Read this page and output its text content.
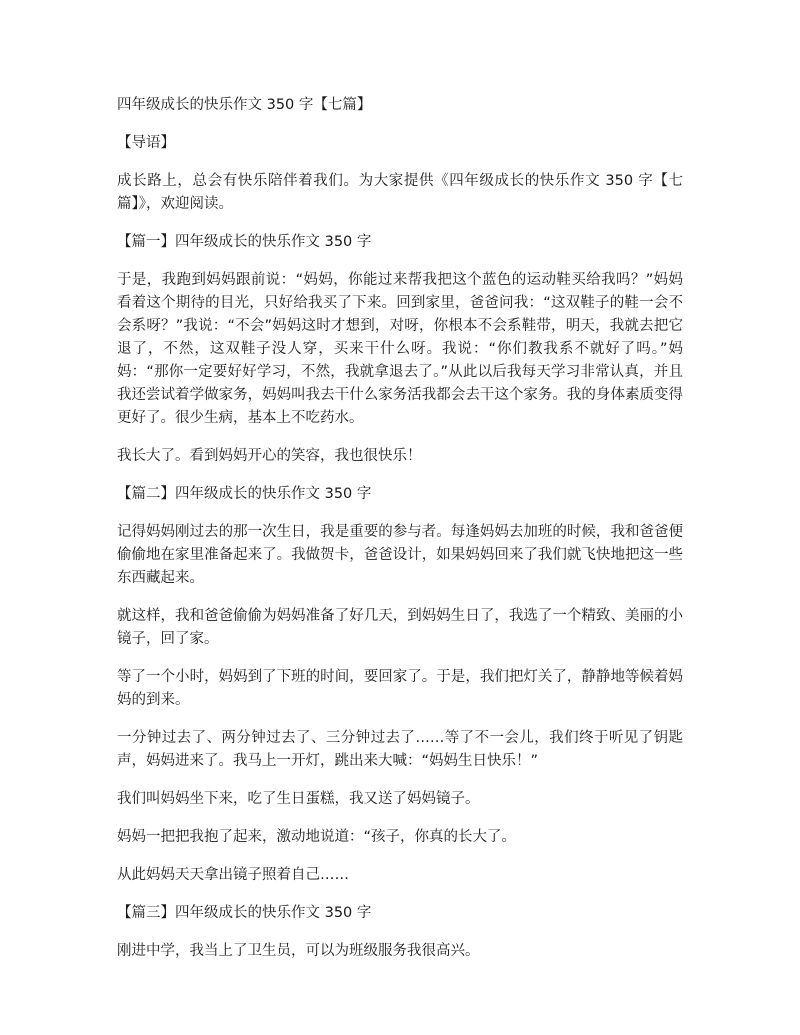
四年级成长的快乐作文 350 字【七篇】

【导语】

成长路上，总会有快乐陪伴着我们。为大家提供《四年级成长的快乐作文 350 字【七篇】》，欢迎阅读。

【篇一】四年级成长的快乐作文 350 字

于是，我跑到妈妈跟前说：“妈妈，你能过来帮我把这个蓝色的运动鞋买给我吗？”妈妈看着这个期待的目光，只好给我买了下来。回到家里，爸爸问我：“这双鞋子的鞋一会不会系呀？”我说：“不会”妈妈这时才想到，对呀，你根本不会系鞋带，明天，我就去把它退了，不然，这双鞋子没人穿，买来干什么呀。我说：“你们教我系不就好了吗。”妈妈：“那你一定要好好学习，不然，我就拿退去了。”从此以后我每天学习非常认真，并且我还尝试着学做家务，妈妈叫我去干什么家务活我都会去干这个家务。我的身体素质变得更好了。很少生病，基本上不吃药水。

我长大了。看到妈妈开心的笑容，我也很快乐！

【篇二】四年级成长的快乐作文 350 字

记得妈妈刚过去的那一次生日，我是重要的参与者。每逢妈妈去加班的时候，我和爸爸便偷偷地在家里准备起来了。我做贺卡，爸爸设计，如果妈妈回来了我们就飞快地把这一些东西藏起来。

就这样，我和爸爸偷偷为妈妈准备了好几天，到妈妈生日了，我选了一个精致、美丽的小镜子，回了家。

等了一个小时，妈妈到了下班的时间，要回家了。于是，我们把灯关了，静静地等候着妈妈的到来。

一分钟过去了、两分钟过去了、三分钟过去了……等了不一会儿，我们终于听见了钥匙声，妈妈进来了。我马上一开灯，跳出来大喊：“妈妈生日快乐！”

我们叫妈妈坐下来，吃了生日蛋糕，我又送了妈妈镜子。

妈妈一把把我抱了起来，激动地说道：“孩子，你真的长大了。

从此妈妈天天拿出镜子照着自己……

【篇三】四年级成长的快乐作文 350 字

刚进中学，我当上了卫生员，可以为班级服务我很高兴。
